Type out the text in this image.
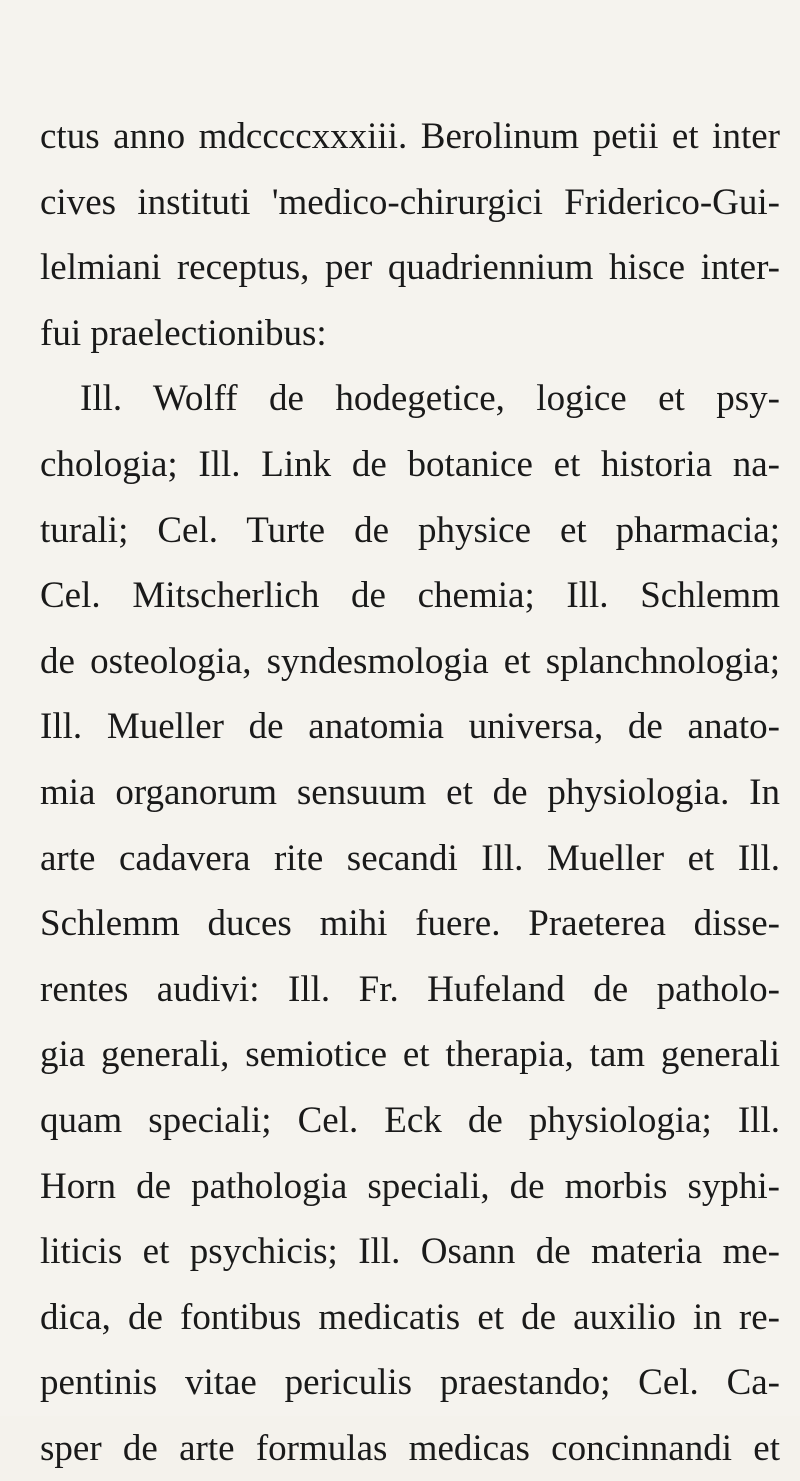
ctus anno mdccccxxxiii. Berolinum petii et inter
cives instituti 'medico-chirurgici Friderico-Gui-
lelmiani receptus, per quadriennium hisce inter-
fui praelectionibus:
Ill. Wolff de hodegetice, logice et psy-
chologia; Ill. Link de botanice et historia na-
turali; Cel. Turte de physice et pharmacia;
Cel. Mitscherlich de chemia; Ill. Schlemm
de osteologia, syndesmologia et splanchnologia;
Ill. Mueller de anatomia universa, de anato-
mia organorum sensuum et de physiologia. In
arte cadavera rite secandi Ill. Mueller et Ill.
Schlemm duces mihi fuere. Praeterea disse-
rentes audivi: Ill. Fr. Hufeland de patholo-
gia generali, semiotice et therapia, tam generali
quam speciali; Cel. Eck de physiologia; Ill.
Horn de pathologia speciali, de morbis syphi-
liticis et psychicis; Ill. Osann de materia me-
dica, de fontibus medicatis et de auxilio in re-
pentinis vitae periculis praestando; Cel. Ca-
sper de arte formulas medicas concinnandi et
